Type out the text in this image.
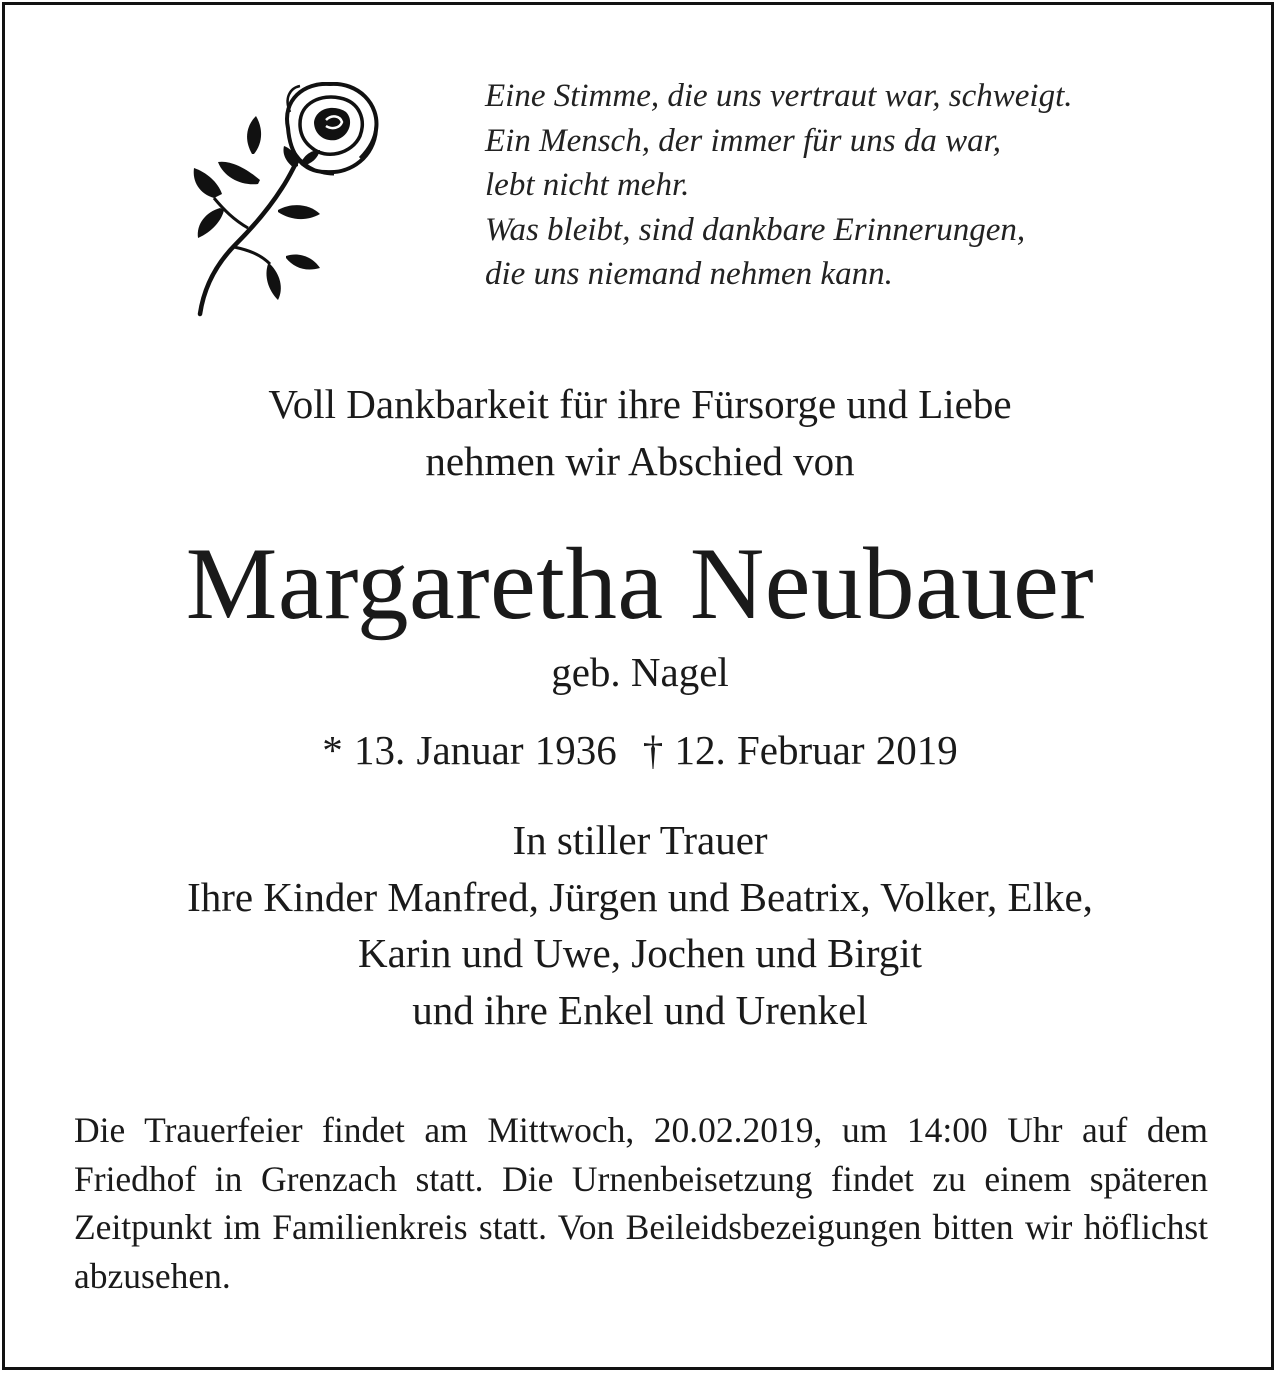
Eine Stimme, die uns vertraut war, schweigt.
Ein Mensch, der immer für uns da war,
lebt nicht mehr.
Was bleibt, sind dankbare Erinnerungen,
die uns niemand nehmen kann.
Voll Dankbarkeit für ihre Fürsorge und Liebe
nehmen wir Abschied von
Margaretha Neubauer
geb. Nagel
* 13. Januar 1936 † 12. Februar 2019
In stiller Trauer
Ihre Kinder Manfred, Jürgen und Beatrix, Volker, Elke,
Karin und Uwe, Jochen und Birgit
und ihre Enkel und Urenkel
Die Trauerfeier findet am Mittwoch, 20.02.2019, um 14:00 Uhr auf dem Friedhof in Grenzach statt. Die Urnenbeisetzung findet zu einem späteren Zeitpunkt im Familienkreis statt. Von Beileidsbezeigungen bitten wir höflichst abzusehen.
